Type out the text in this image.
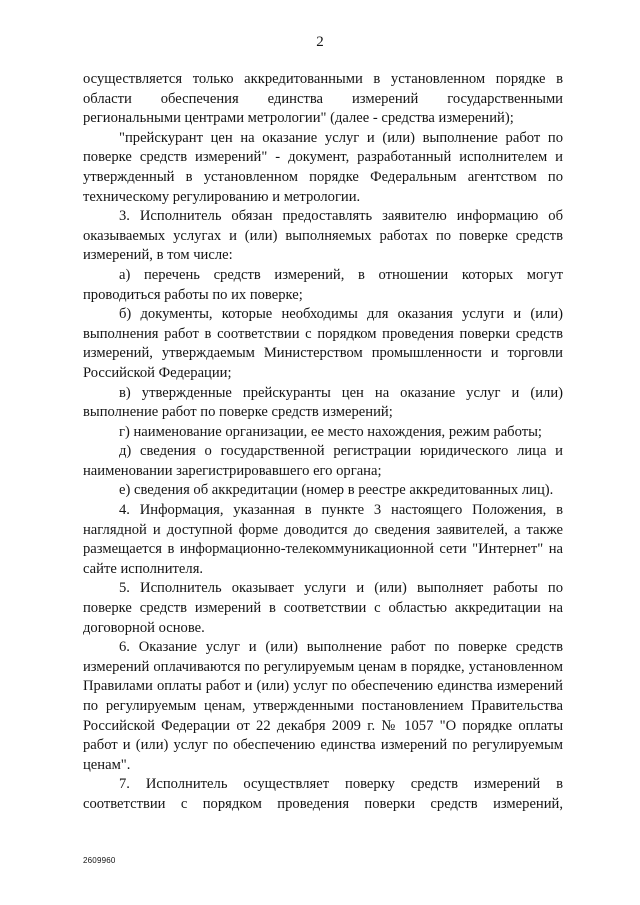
2

осуществляется только аккредитованными в установленном порядке в области обеспечения единства измерений государственными региональными центрами метрологии" (далее - средства измерений);

"прейскурант цен на оказание услуг и (или) выполнение работ по поверке средств измерений" - документ, разработанный исполнителем и утвержденный в установленном порядке Федеральным агентством по техническому регулированию и метрологии.

3. Исполнитель обязан предоставлять заявителю информацию об оказываемых услугах и (или) выполняемых работах по поверке средств измерений, в том числе:

а) перечень средств измерений, в отношении которых могут проводиться работы по их поверке;

б) документы, которые необходимы для оказания услуги и (или) выполнения работ в соответствии с порядком проведения поверки средств измерений, утверждаемым Министерством промышленности и торговли Российской Федерации;

в) утвержденные прейскуранты цен на оказание услуг и (или) выполнение работ по поверке средств измерений;

г) наименование организации, ее место нахождения, режим работы;

д) сведения о государственной регистрации юридического лица и наименовании зарегистрировавшего его органа;

е) сведения об аккредитации (номер в реестре аккредитованных лиц).

4. Информация, указанная в пункте 3 настоящего Положения, в наглядной и доступной форме доводится до сведения заявителей, а также размещается в информационно-телекоммуникационной сети "Интернет" на сайте исполнителя.

5. Исполнитель оказывает услуги и (или) выполняет работы по поверке средств измерений в соответствии с областью аккредитации на договорной основе.

6. Оказание услуг и (или) выполнение работ по поверке средств измерений оплачиваются по регулируемым ценам в порядке, установленном Правилами оплаты работ и (или) услуг по обеспечению единства измерений по регулируемым ценам, утвержденными постановлением Правительства Российской Федерации от 22 декабря 2009 г. № 1057 "О порядке оплаты работ и (или) услуг по обеспечению единства измерений по регулируемым ценам".

7. Исполнитель осуществляет поверку средств измерений в соответствии с порядком проведения поверки средств измерений,

2609960
